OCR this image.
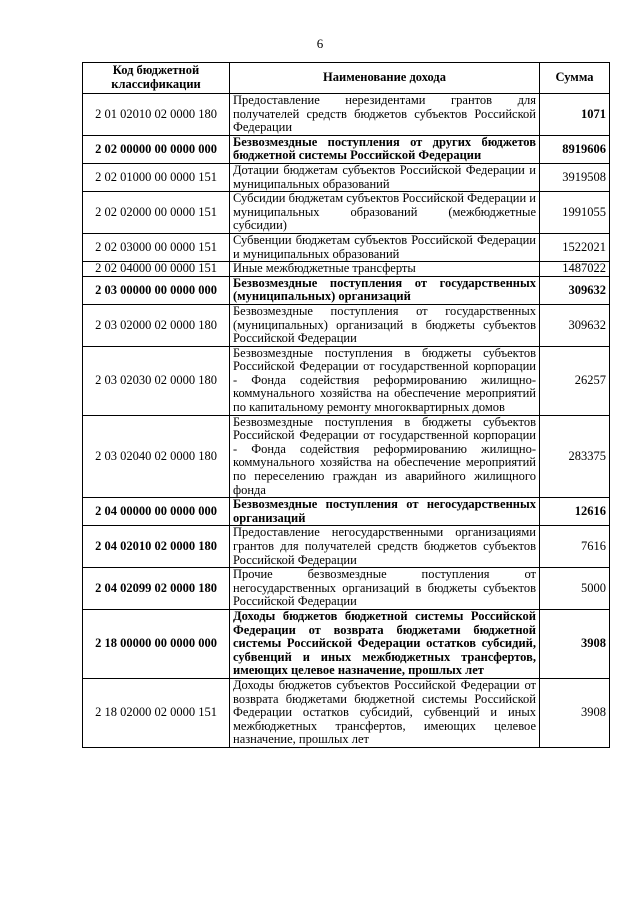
6
Код бюджетной классификации	Наименование дохода	Сумма
2 01 02010 02 0000 180	Предоставление нерезидентами грантов для получателей средств бюджетов субъектов Российской Федерации	1071
2 02 00000 00 0000 000	Безвозмездные поступления от других бюджетов бюджетной системы Российской Федерации	8919606
2 02 01000 00 0000 151	Дотации бюджетам субъектов Российской Федерации и муниципальных образований	3919508
2 02 02000 00 0000 151	Субсидии бюджетам субъектов Российской Федерации и муниципальных образований (межбюджетные субсидии)	1991055
2 02 03000 00 0000 151	Субвенции бюджетам субъектов Российской Федерации и муниципальных образований	1522021
2 02 04000 00 0000 151	Иные межбюджетные трансферты	1487022
2 03 00000 00 0000 000	Безвозмездные поступления от государственных (муниципальных) организаций	309632
2 03 02000 02 0000 180	Безвозмездные поступления от государственных (муниципальных) организаций в бюджеты субъектов Российской Федерации	309632
2 03 02030 02 0000 180	Безвозмездные поступления в бюджеты субъектов Российской Федерации от государственной корпорации - Фонда содействия реформированию жилищно-коммунального хозяйства на обеспечение мероприятий по капитальному ремонту многоквартирных домов	26257
2 03 02040 02 0000 180	Безвозмездные поступления в бюджеты субъектов Российской Федерации от государственной корпорации - Фонда содействия реформированию жилищно-коммунального хозяйства на обеспечение мероприятий по переселению граждан из аварийного жилищного фонда	283375
2 04 00000 00 0000 000	Безвозмездные поступления от негосударственных организаций	12616
2 04 02010 02 0000 180	Предоставление негосударственными организациями грантов для получателей средств бюджетов субъектов Российской Федерации	7616
2 04 02099 02 0000 180	Прочие безвозмездные поступления от негосударственных организаций в бюджеты субъектов Российской Федерации	5000
2 18 00000 00 0000 000	Доходы бюджетов бюджетной системы Российской Федерации от возврата бюджетами бюджетной системы Российской Федерации остатков субсидий, субвенций и иных межбюджетных трансфертов, имеющих целевое назначение, прошлых лет	3908
2 18 02000 02 0000 151	Доходы бюджетов субъектов Российской Федерации от возврата бюджетами бюджетной системы Российской Федерации остатков субсидий, субвенций и иных межбюджетных трансфертов, имеющих целевое назначение, прошлых лет	3908
